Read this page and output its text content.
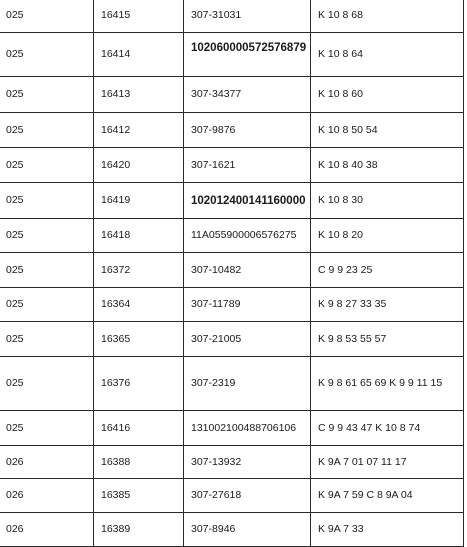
025	16415	307-31031	K 10 8 68
025	16414	102060000572576879	K 10 8 64
025	16413	307-34377	K 10 8 60
025	16412	307-9876	K 10 8 50 54
025	16420	307-1621	K 10 8 40 38
025	16419	102012400141160000	K 10 8 30
025	16418	11A055900006576275	K 10 8 20
025	16372	307-10482	C 9 9 23 25
025	16364	307-11789	K 9 8 27 33 35
025	16365	307-21005	K 9 8 53 55 57
025	16376	307-2319	K 9 8 61 65 69 K 9 9 11 15
025	16416	131002100488706106	C 9 9 43 47 K 10 8 74
026	16388	307-13932	K 9A 7 01 07 11 17
026	16385	307-27618	K 9A 7 59 C 8 9A 04
026	16389	307-8946	K 9A 7 33
